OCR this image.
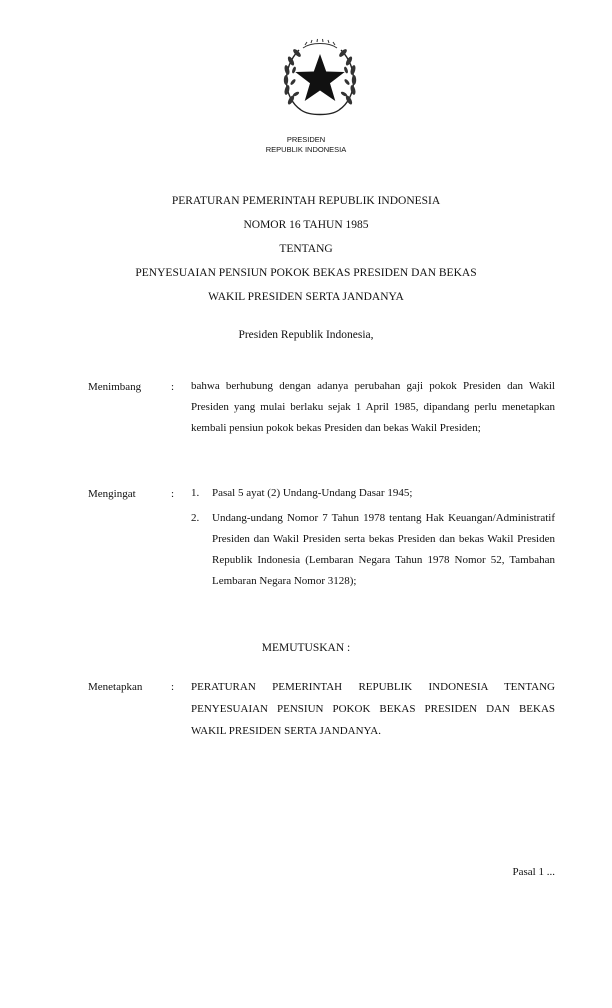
PRESIDEN
REPUBLIK INDONESIA
PERATURAN PEMERINTAH REPUBLIK INDONESIA
NOMOR 16 TAHUN 1985
TENTANG
PENYESUAIAN PENSIUN POKOK BEKAS PRESIDEN DAN BEKAS
WAKIL PRESIDEN SERTA JANDANYA
Presiden Republik Indonesia,
Menimbang	: bahwa berhubung dengan adanya perubahan gaji pokok Presiden dan Wakil Presiden yang mulai berlaku sejak 1 April 1985, dipandang perlu menetapkan kembali pensiun pokok bekas Presiden dan bekas Wakil Presiden;
Mengingat	: 1. Pasal 5 ayat (2) Undang-Undang Dasar 1945;
2. Undang-undang Nomor 7 Tahun 1978 tentang Hak Keuangan/Administratif Presiden dan Wakil Presiden serta bekas Presiden dan bekas Wakil Presiden Republik Indonesia (Lembaran Negara Tahun 1978 Nomor 52, Tambahan Lembaran Negara Nomor 3128);
MEMUTUSKAN :
Menetapkan	: PERATURAN PEMERINTAH REPUBLIK INDONESIA TENTANG PENYESUAIAN PENSIUN POKOK BEKAS PRESIDEN DAN BEKAS WAKIL PRESIDEN SERTA JANDANYA.
Pasal 1 ...
